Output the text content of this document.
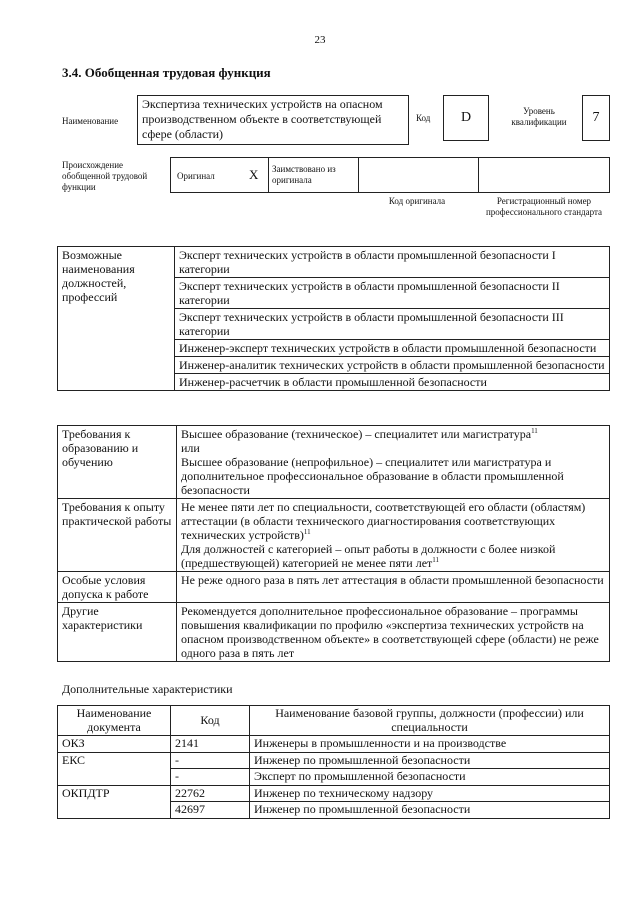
23
3.4. Обобщенная трудовая функция
Наименование
Экспертиза технических устройств на опасном производственном объекте в соответствующей сфере (области)
Код	D	Уровень квалификации	7
Происхождение обобщенной трудовой функции
Оригинал	X Заимствовано из оригинала
Код оригинала	Регистрационный номер профессионального стандарта
Возможные наименования должностей, профессий	
Эксперт технических устройств в области промышленной безопасности I категории
Эксперт технических устройств в области промышленной безопасности II категории
Эксперт технических устройств в области промышленной безопасности III категории
Инженер-эксперт технических устройств в области промышленной безопасности
Инженер-аналитик технических устройств в области промышленной безопасности
Инженер-расчетчик в области промышленной безопасности
Требования к образованию и обучению	Высшее образование (техническое) – специалитет или магистратура$^{11}$
или
Высшее образование (непрофильное) – специалитет или магистратура и дополнительное профессиональное образование в области промышленной безопасности

Требования к опыту практической работы	Не менее пяти лет по специальности, соответствующей его области (областям) аттестации (в области технического диагностирования соответствующих технических устройств)$^{11}$
Для должностей с категорией – опыт работы в должности с более низкой (предшествующей) категорией не менее пяти лет$^{11}$

Особые условия допуска к работе	Не реже одного раза в пять лет аттестация в области промышленной безопасности
Другие характеристики	Рекомендуется дополнительное профессиональное образование – программы повышения квалификации по профилю «экспертиза технических устройств на опасном производственном объекте» в соответствующей сфере (области) не реже одного раза в пять лет
Дополнительные характеристики
Наименование документа	Код	Наименование базовой группы, должности (профессии) или специальности
ОКЗ	2141	Инженеры в промышленности и на производстве
ЕКС	-	Инженер по промышленной безопасности
	-	Эксперт по промышленной безопасности
ОКПДТР	22762	Инженер по техническому надзору
	42697	Инженер по промышленной безопасности
